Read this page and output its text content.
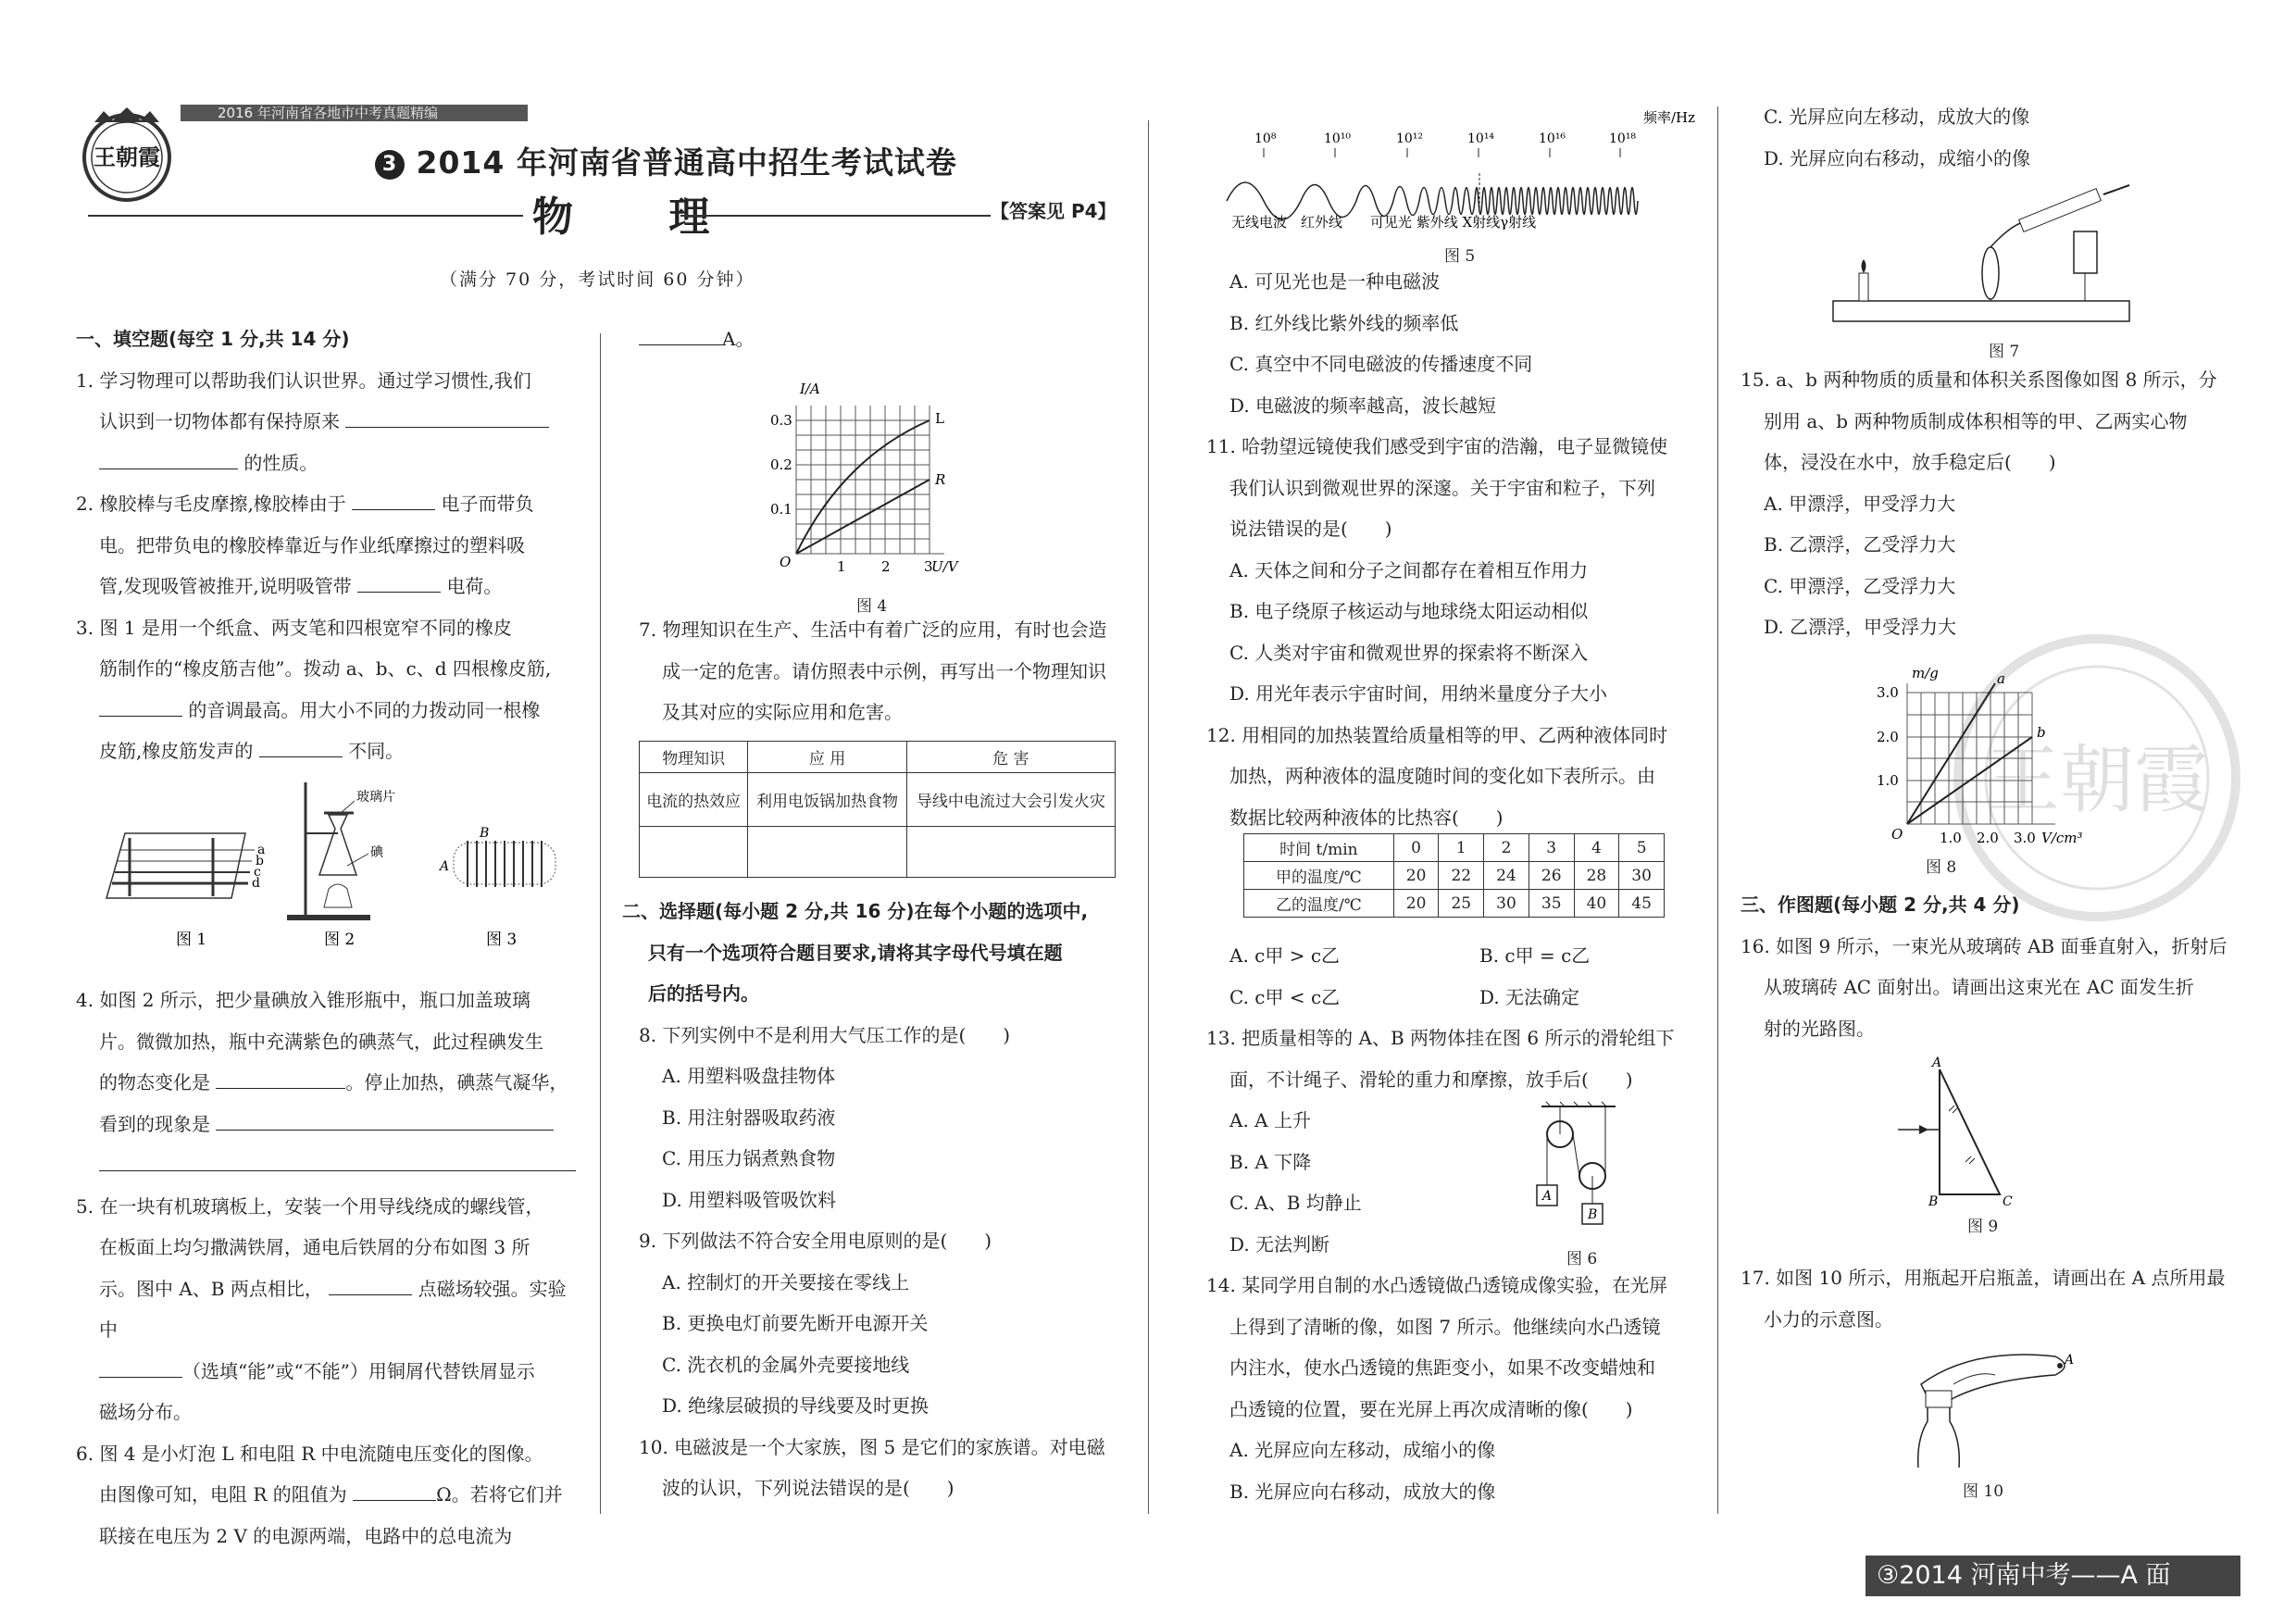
王朝霞
2016 年河南省各地市中考真题精编
3 2014 年河南省普通高中招生考试试卷
物 理	【答案见 P4】
（满分 70 分，考试时间 60 分钟）

一、填空题(每空 1 分,共 14 分)

1. 学习物理可以帮助我们认识世界。通过学习惯性,我们
认识到一切物体都有保持原来
的性质。

2. 橡胶棒与毛皮摩擦,橡胶棒由于	电子而带负
电。把带负电的橡胶棒靠近与作业纸摩擦过的塑料吸
管,发现吸管被推开,说明吸管带	电荷。

3. 图 1 是用一个纸盒、两支笔和四根宽窄不同的橡皮
筋制作的“橡皮筋吉他”。拨动 a、b、c、d 四根橡皮筋,
的音调最高。用大小不同的力拨动同一根橡
皮筋,橡皮筋发声的	不同。

a
b
c
d
玻璃片
碘
A
B
图 1	图 2	图 3

4. 如图 2 所示，把少量碘放入锥形瓶中，瓶口加盖玻璃
片。微微加热，瓶中充满紫色的碘蒸气，此过程碘发生
的物态变化是	。停止加热，碘蒸气凝华，
看到的现象是

5. 在一块有机玻璃板上，安装一个用导线绕成的螺线管，
在板面上均匀撒满铁屑，通电后铁屑的分布如图 3 所
示。图中 A、B 两点相比，	点磁场较强。实验中
（选填“能”或“不能”）用铜屑代替铁屑显示
磁场分布。

6. 图 4 是小灯泡 L 和电阻 R 中电流随电压变化的图像。
由图像可知，电阻 R 的阻值为	Ω。若将它们并
联接在电压为 2 V 的电源两端，电路中的总电流为

A。

L
R
I/A
U/V
O
0.3
0.2
0.1
1	2 3
图 4

7. 物理知识在生产、生活中有着广泛的应用，有时也会造
成一定的危害。请仿照表中示例，再写出一个物理知识
及其对应的实际应用和危害。

物理知识	应 用	危 害
电流的热效应	利用电饭锅加热食物	导线中电流过大会引发火灾

二、选择题(每小题 2 分,共 16 分)在每个小题的选项中,
只有一个选项符合题目要求,请将其字母代号填在题
后的括号内。

8. 下列实例中不是利用大气压工作的是(　　)

A. 用塑料吸盘挂物体

B. 用注射器吸取药液

C. 用压力锅煮熟食物

D. 用塑料吸管吸饮料

9. 下列做法不符合安全用电原则的是(　　)

A. 控制灯的开关要接在零线上

B. 更换电灯前要先断开电源开关

C. 洗衣机的金属外壳要接地线

D. 绝缘层破损的导线要及时更换

10. 电磁波是一个大家族，图 5 是它们的家族谱。对电磁
波的认识，下列说法错误的是(　　)

频率/Hz
10⁸	10¹⁰	10¹²	10¹⁴	10¹⁶	10¹⁸
无线电波　红外线　　可见光 紫外线 X射线γ射线
图 5

A. 可见光也是一种电磁波

B. 红外线比紫外线的频率低

C. 真空中不同电磁波的传播速度不同

D. 电磁波的频率越高，波长越短

11. 哈勃望远镜使我们感受到宇宙的浩瀚，电子显微镜使
我们认识到微观世界的深邃。关于宇宙和粒子，下列
说法错误的是(　　)

A. 天体之间和分子之间都存在着相互作用力

B. 电子绕原子核运动与地球绕太阳运动相似

C. 人类对宇宙和微观世界的探索将不断深入

D. 用光年表示宇宙时间，用纳米量度分子大小

12. 用相同的加热装置给质量相等的甲、乙两种液体同时
加热，两种液体的温度随时间的变化如下表所示。由
数据比较两种液体的比热容(　　)

时间 t/min	0	1	2	3	4	5
甲的温度/℃	20	22	24	26	28	30
乙的温度/℃	20	25	30	35	40	45

A. c甲 > c乙	B. c甲 = c乙

C. c甲 < c乙	D. 无法确定

13. 把质量相等的 A、B 两物体挂在图 6 所示的滑轮组下
面，不计绳子、滑轮的重力和摩擦，放手后(　　)

A. A 上升

B. A 下降

C. A、B 均静止

D. 无法判断

14. 某同学用自制的水凸透镜做凸透镜成像实验，在光屏
上得到了清晰的像，如图 7 所示。他继续向水凸透镜
内注水，使水凸透镜的焦距变小，如果不改变蜡烛和
凸透镜的位置，要在光屏上再次成清晰的像(　　)

A. 光屏应向左移动，成缩小的像

B. 光屏应向右移动，成放大的像

A
B
图 6

C. 光屏应向左移动，成放大的像

D. 光屏应向右移动，成缩小的像

图 7

15. a、b 两种物质的质量和体积关系图像如图 8 所示，分
别用 a、b 两种物质制成体积相等的甲、乙两实心物
体，浸没在水中，放手稳定后(　　)

A. 甲漂浮，甲受浮力大

B. 乙漂浮，乙受浮力大

C. 甲漂浮，乙受浮力大

D. 乙漂浮，甲受浮力大

王朝霞
a
b
m/g
V/cm³
O
3.0
2.0
1.0
1.0 2.0 3.0
图 8

三、作图题(每小题 2 分,共 4 分)

16. 如图 9 所示，一束光从玻璃砖 AB 面垂直射入，折射后
从玻璃砖 AC 面射出。请画出这束光在 AC 面发生折
射的光路图。

A
B	C
图 9

17. 如图 10 所示，用瓶起开启瓶盖，请画出在 A 点所用最
小力的示意图。

A
图 10
③2014 河南中考——A 面
